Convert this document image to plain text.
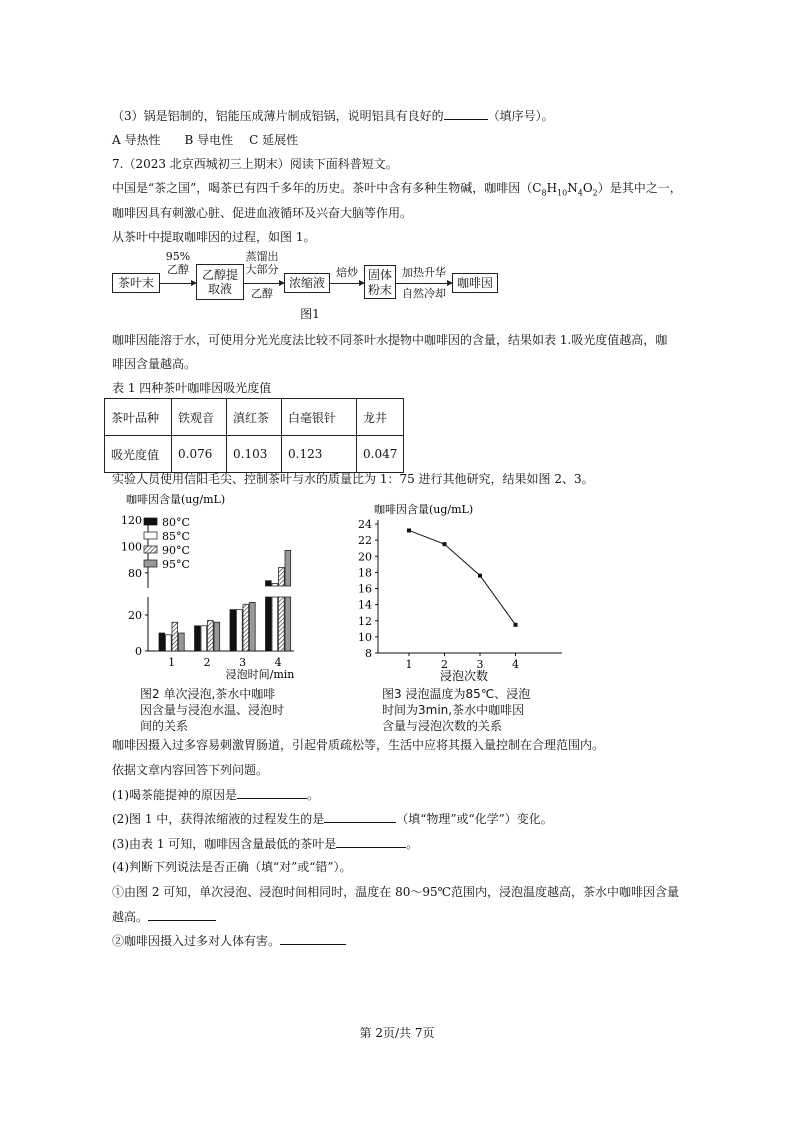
（3）锅是铝制的，铝能压成薄片制成铝锅，说明铝具有良好的	（填序号）。
A 导热性 B 导电性 C 延展性
7.（2023 北京西城初三上期末）阅读下面科普短文。
中国是“茶之国”，喝茶已有四千多年的历史。茶叶中含有多种生物碱，咖啡因$(C_8H_{10}N_4O_2)$是其中之一，
咖啡因具有刺激心脏、促进血液循环及兴奋大脑等作用。
从茶叶中提取咖啡因的过程，如图 1。
茶叶末
95%
乙醇	乙醇提取液
蒸馏出
大部分
乙醇
浓缩液
焙炒 固体粉末
加热升华
自然冷却
咖啡因
图1
咖啡因能溶于水，可使用分光光度法比较不同茶叶水提物中咖啡因的含量，结果如表 1.吸光度值越高，咖
啡因含量越高。
表 1 四种茶叶咖啡因吸光度值
茶叶品种	铁观音	滇红茶	白毫银针	龙井
吸光度值	0.076	0.103	0.123	0.047
实验人员使用信阳毛尖、控制茶叶与水的质量比为 1：75 进行其他研究，结果如图 2、3。
咖啡因含量(ug/mL)
0
20
80
100
120
1	2	3	4
浸泡时间/min
80°C
85°C
90°C
95°C
图2 单次浸泡,茶水中咖啡
因含量与浸泡水温、浸泡时
间的关系
咖啡因含量(ug/mL)
8
10
12
14
16
18
20
22
24
1	2	3	4
浸泡次数
图3 浸泡温度为85℃、浸泡
时间为3min,茶水中咖啡因
含量与浸泡次数的关系
咖啡因摄入过多容易刺激胃肠道，引起骨质疏松等，生活中应将其摄入量控制在合理范围内。
依据文章内容回答下列问题。
(1)喝茶能提神的原因是	。
(2)图 1 中，获得浓缩液的过程发生的是	（填“物理”或“化学”）变化。
(3)由表 1 可知，咖啡因含量最低的茶叶是	。
(4)判断下列说法是否正确（填“对”或“错”）。
①由图 2 可知，单次浸泡、浸泡时间相同时，温度在 80～95℃范围内，浸泡温度越高，茶水中咖啡因含量
越高。
②咖啡因摄入过多对人体有害。
第 2页/共 7页
